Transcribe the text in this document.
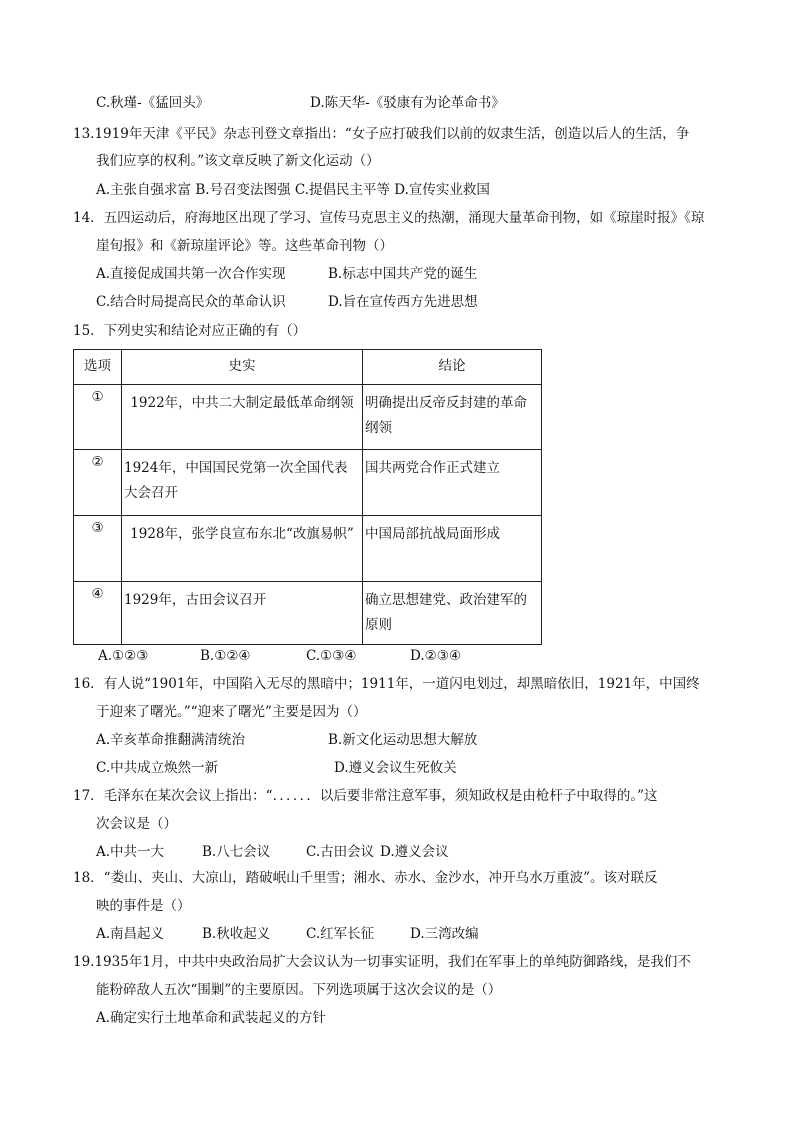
C.秋瑾-《猛回头》	D.陈天华-《驳康有为论革命书》
13.1919年天津《平民》杂志刊登文章指出：“女子应打破我们以前的奴隶生活，创造以后人的生活，争
我们应享的权利。”该文章反映了新文化运动（）
A.主张自强求富 B.号召变法图强 C.提倡民主平等 D.宣传实业救国
14．五四运动后，府海地区出现了学习、宣传马克思主义的热潮，涌现大量革命刊物，如《琼崖时报》《琼
崖旬报》和《新琼崖评论》等。这些革命刊物（）
A.直接促成国共第一次合作实现	B.标志中国共产党的诞生
C.结合时局提高民众的革命认识	D.旨在宣传西方先进思想
15．下列史实和结论对应正确的有（）
选项	史实	结论
①	1922年，中共二大制定最低革命纲领	明确提出反帝反封建的革命纲领
②	1924年，中国国民党第一次全国代表大会召开	国共两党合作正式建立
③	1928年，张学良宣布东北“改旗易帜”	中国局部抗战局面形成
④	1929年，古田会议召开	确立思想建党、政治建军的原则
A.①②③	B.①②④	C.①③④	D.②③④
16．有人说“1901年，中国陷入无尽的黑暗中；1911年，一道闪电划过，却黑暗依旧，1921年，中国终
于迎来了曙光。”“迎来了曙光”主要是因为（）
A.辛亥革命推翻满清统治	B.新文化运动思想大解放
C.中共成立焕然一新	D.遵义会议生死攸关
17．毛泽东在某次会议上指出：“．．．．．．以后要非常注意军事，须知政权是由枪杆子中取得的。”这
次会议是（）
A.中共一大	B.八七会议	C.古田会议 D.遵义会议
18．“娄山、夹山、大凉山，踏破岷山千里雪；湘水、赤水、金沙水，冲开乌水万重波”。该对联反
映的事件是（）
A.南昌起义	B.秋收起义	C.红军长征	D.三湾改编
19.1935年1月，中共中央政治局扩大会议认为一切事实证明，我们在军事上的单纯防御路线，是我们不
能粉碎敌人五次“围剿”的主要原因。下列选项属于这次会议的是（）
A.确定实行土地革命和武装起义的方针
